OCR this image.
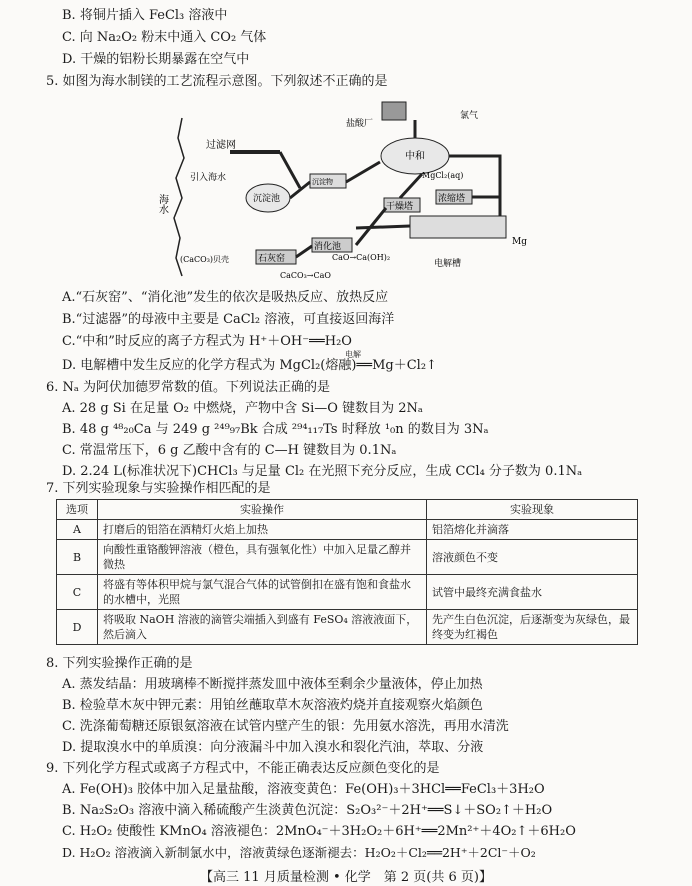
B. 将铜片插入 FeCl₃ 溶液中
C. 向 Na₂O₂ 粉末中通入 CO₂ 气体
D. 干燥的铝粉长期暴露在空气中
5. 如图为海水制镁的工艺流程示意图。下列叙述不正确的是
海水
过滤网
引入海水
沉淀池
沉淀物
中和
盐酸厂
氯气
MgCl₂(aq)
干燥塔
浓缩塔
Mg
电解槽
石灰窑
消化池
(CaCO₃)贝壳
CaCO₃→CaO
CaO→Ca(OH)₂
A.“石灰窑”、“消化池”发生的依次是吸热反应、放热反应
B.“过滤器”的母液中主要是 CaCl₂ 溶液，可直接返回海洋
C.“中和”时反应的离子方程式为 H⁺＋OH⁻══H₂O
D. 电解槽中发生反应的化学方程式为 MgCl₂(熔融)══Mg＋Cl₂↑
电解
6. Nₐ 为阿伏加德罗常数的值。下列说法正确的是
A. 28 g Si 在足量 O₂ 中燃烧，产物中含 Si—O 键数目为 2Nₐ
B. 48 g ⁴⁸₂₀Ca 与 249 g ²⁴⁹₉₇Bk 合成 ²⁹⁴₁₁₇Ts 时释放 ¹₀n 的数目为 3Nₐ
C. 常温常压下，6 g 乙酸中含有的 C—H 键数目为 0.1Nₐ
D. 2.24 L(标准状况下)CHCl₃ 与足量 Cl₂ 在光照下充分反应，生成 CCl₄ 分子数为 0.1Nₐ
7. 下列实验现象与实验操作相匹配的是
选项	实验操作	实验现象
A	打磨后的铝箔在酒精灯火焰上加热	铝箔熔化并滴落
B	向酸性重铬酸钾溶液（橙色，具有强氧化性）中加入足量乙醇并微热	溶液颜色不变
C	将盛有等体积甲烷与氯气混合气体的试管倒扣在盛有饱和食盐水的水槽中，光照	试管中最终充满食盐水
D	将吸取 NaOH 溶液的滴管尖端插入到盛有 FeSO₄ 溶液液面下，然后滴入	先产生白色沉淀，后逐渐变为灰绿色，最终变为红褐色
8. 下列实验操作正确的是
A. 蒸发结晶：用玻璃棒不断搅拌蒸发皿中液体至剩余少量液体，停止加热
B. 检验草木灰中钾元素：用铂丝蘸取草木灰溶液灼烧并直接观察火焰颜色
C. 洗涤葡萄糖还原银氨溶液在试管内壁产生的银：先用氨水溶洗，再用水清洗
D. 提取溴水中的单质溴：向分液漏斗中加入溴水和裂化汽油，萃取、分液
9. 下列化学方程式或离子方程式中，不能正确表达反应颜色变化的是
A. Fe(OH)₃ 胶体中加入足量盐酸，溶液变黄色：Fe(OH)₃＋3HCl══FeCl₃＋3H₂O
B. Na₂S₂O₃ 溶液中滴入稀硫酸产生淡黄色沉淀：S₂O₃²⁻＋2H⁺══S↓＋SO₂↑＋H₂O
C. H₂O₂ 使酸性 KMnO₄ 溶液褪色：2MnO₄⁻＋3H₂O₂＋6H⁺══2Mn²⁺＋4O₂↑＋6H₂O
D. H₂O₂ 溶液滴入新制氯水中，溶液黄绿色逐渐褪去：H₂O₂＋Cl₂══2H⁺＋2Cl⁻＋O₂
【高三 11 月质量检测 • 化学　第 2 页(共 6 页)】
